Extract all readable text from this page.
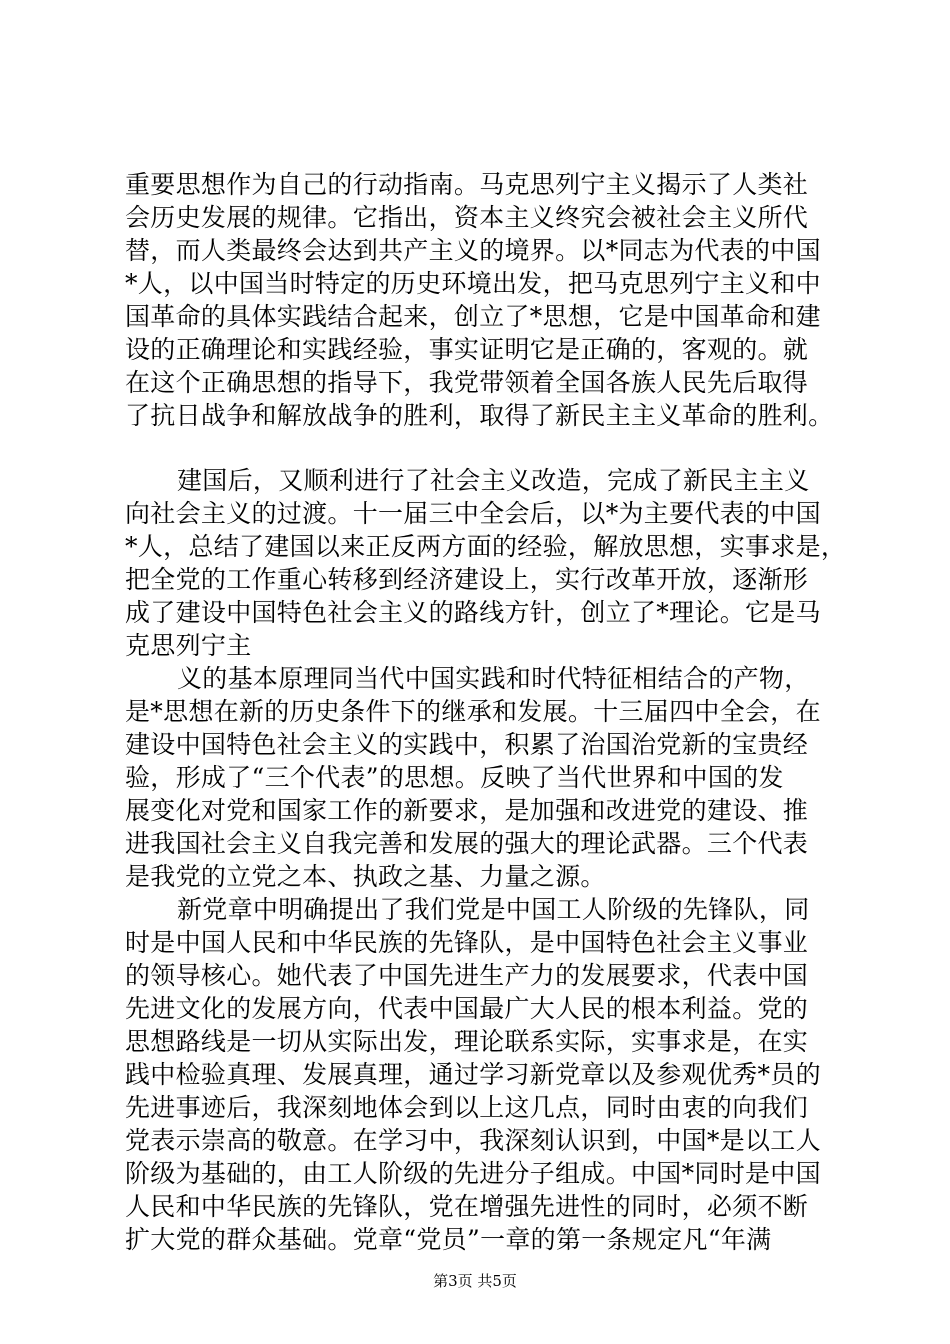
重要思想作为自己的行动指南。马克思列宁主义揭示了人类社
会历史发展的规律。它指出，资本主义终究会被社会主义所代
替，而人类最终会达到共产主义的境界。以*同志为代表的中国
*人，以中国当时特定的历史环境出发，把马克思列宁主义和中
国革命的具体实践结合起来，创立了*思想，它是中国革命和建
设的正确理论和实践经验，事实证明它是正确的，客观的。就
在这个正确思想的指导下，我党带领着全国各族人民先后取得
了抗日战争和解放战争的胜利，取得了新民主主义革命的胜利。
建国后，又顺利进行了社会主义改造，完成了新民主主义
向社会主义的过渡。十一届三中全会后，以*为主要代表的中国
*人，总结了建国以来正反两方面的经验，解放思想，实事求是，
把全党的工作重心转移到经济建设上，实行改革开放，逐渐形
成了建设中国特色社会主义的路线方针，创立了*理论。它是马
克思列宁主
义的基本原理同当代中国实践和时代特征相结合的产物，
是*思想在新的历史条件下的继承和发展。十三届四中全会，在
建设中国特色社会主义的实践中，积累了治国治党新的宝贵经
验，形成了“三个代表”的思想。反映了当代世界和中国的发
展变化对党和国家工作的新要求，是加强和改进党的建设、推
进我国社会主义自我完善和发展的强大的理论武器。三个代表
是我党的立党之本、执政之基、力量之源。
新党章中明确提出了我们党是中国工人阶级的先锋队，同
时是中国人民和中华民族的先锋队，是中国特色社会主义事业
的领导核心。她代表了中国先进生产力的发展要求，代表中国
先进文化的发展方向，代表中国最广大人民的根本利益。党的
思想路线是一切从实际出发，理论联系实际，实事求是，在实
践中检验真理、发展真理，通过学习新党章以及参观优秀*员的
先进事迹后，我深刻地体会到以上这几点，同时由衷的向我们
党表示崇高的敬意。在学习中，我深刻认识到，中国*是以工人
阶级为基础的，由工人阶级的先进分子组成。中国*同时是中国
人民和中华民族的先锋队，党在增强先进性的同时，必须不断
扩大党的群众基础。党章“党员”一章的第一条规定凡“年满
第3页 共5页
